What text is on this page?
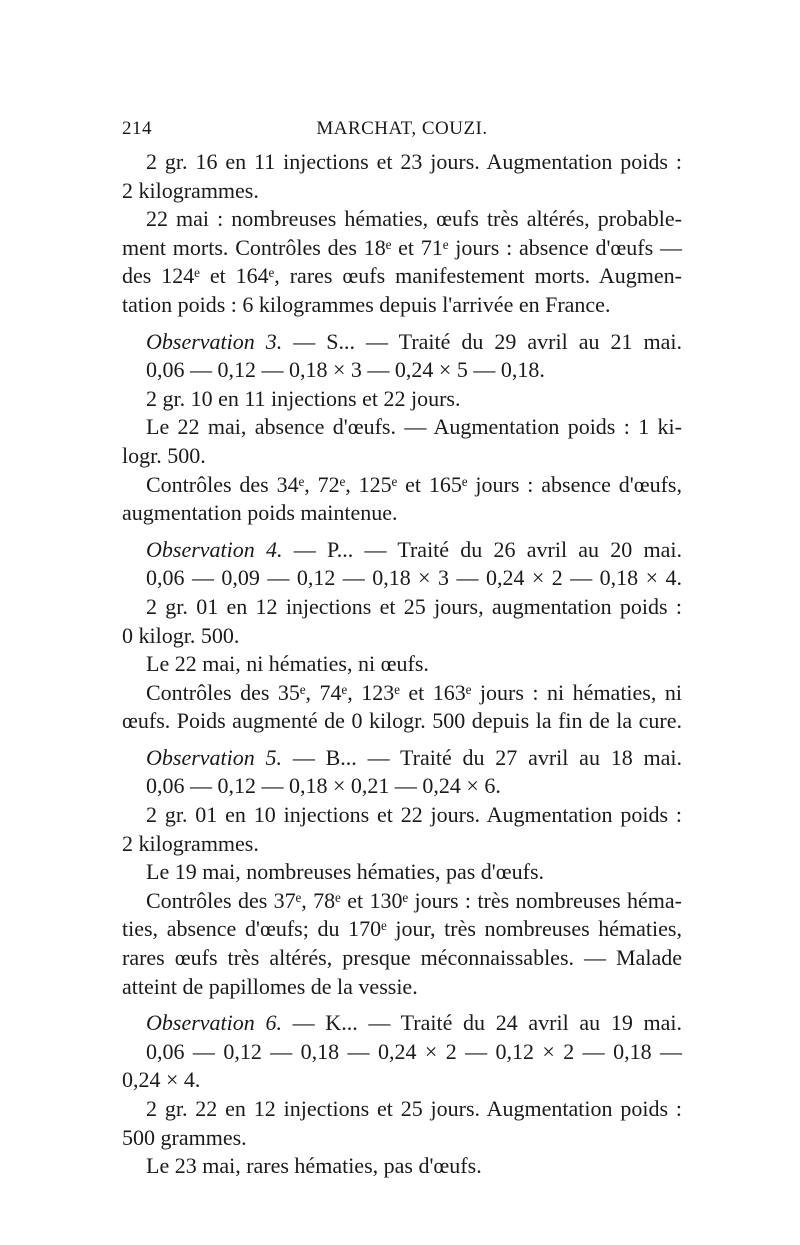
214	MARCHAT, COUZI.
2 gr. 16 en 11 injections et 23 jours. Augmentation poids :
2 kilogrammes.
22 mai : nombreuses hématies, œufs très altérés, probable-
ment morts. Contrôles des 18ᵉ et 71ᵉ jours : absence d'œufs —
des 124ᵉ et 164ᵉ, rares œufs manifestement morts. Augmen-
tation poids : 6 kilogrammes depuis l'arrivée en France.
Observation 3. — S... — Traité du 29 avril au 21 mai.
0,06 — 0,12 — 0,18 × 3 — 0,24 × 5 — 0,18.
2 gr. 10 en 11 injections et 22 jours.
Le 22 mai, absence d'œufs. — Augmentation poids : 1 ki-
logr. 500.
Contrôles des 34ᵉ, 72ᵉ, 125ᵉ et 165ᵉ jours : absence d'œufs,
augmentation poids maintenue.
Observation 4. — P... — Traité du 26 avril au 20 mai.
0,06 — 0,09 — 0,12 — 0,18 × 3 — 0,24 × 2 — 0,18 × 4.
2 gr. 01 en 12 injections et 25 jours, augmentation poids :
0 kilogr. 500.
Le 22 mai, ni hématies, ni œufs.
Contrôles des 35ᵉ, 74ᵉ, 123ᵉ et 163ᵉ jours : ni hématies, ni
œufs. Poids augmenté de 0 kilogr. 500 depuis la fin de la cure.
Observation 5. — B... — Traité du 27 avril au 18 mai.
0,06 — 0,12 — 0,18 × 0,21 — 0,24 × 6.
2 gr. 01 en 10 injections et 22 jours. Augmentation poids :
2 kilogrammes.
Le 19 mai, nombreuses hématies, pas d'œufs.
Contrôles des 37ᵉ, 78ᵉ et 130ᵉ jours : très nombreuses héma-
ties, absence d'œufs; du 170ᵉ jour, très nombreuses hématies,
rares œufs très altérés, presque méconnaissables. — Malade
atteint de papillomes de la vessie.
Observation 6. — K... — Traité du 24 avril au 19 mai.
0,06 — 0,12 — 0,18 — 0,24 × 2 — 0,12 × 2 — 0,18 —
0,24 × 4.
2 gr. 22 en 12 injections et 25 jours. Augmentation poids :
500 grammes.
Le 23 mai, rares hématies, pas d'œufs.
